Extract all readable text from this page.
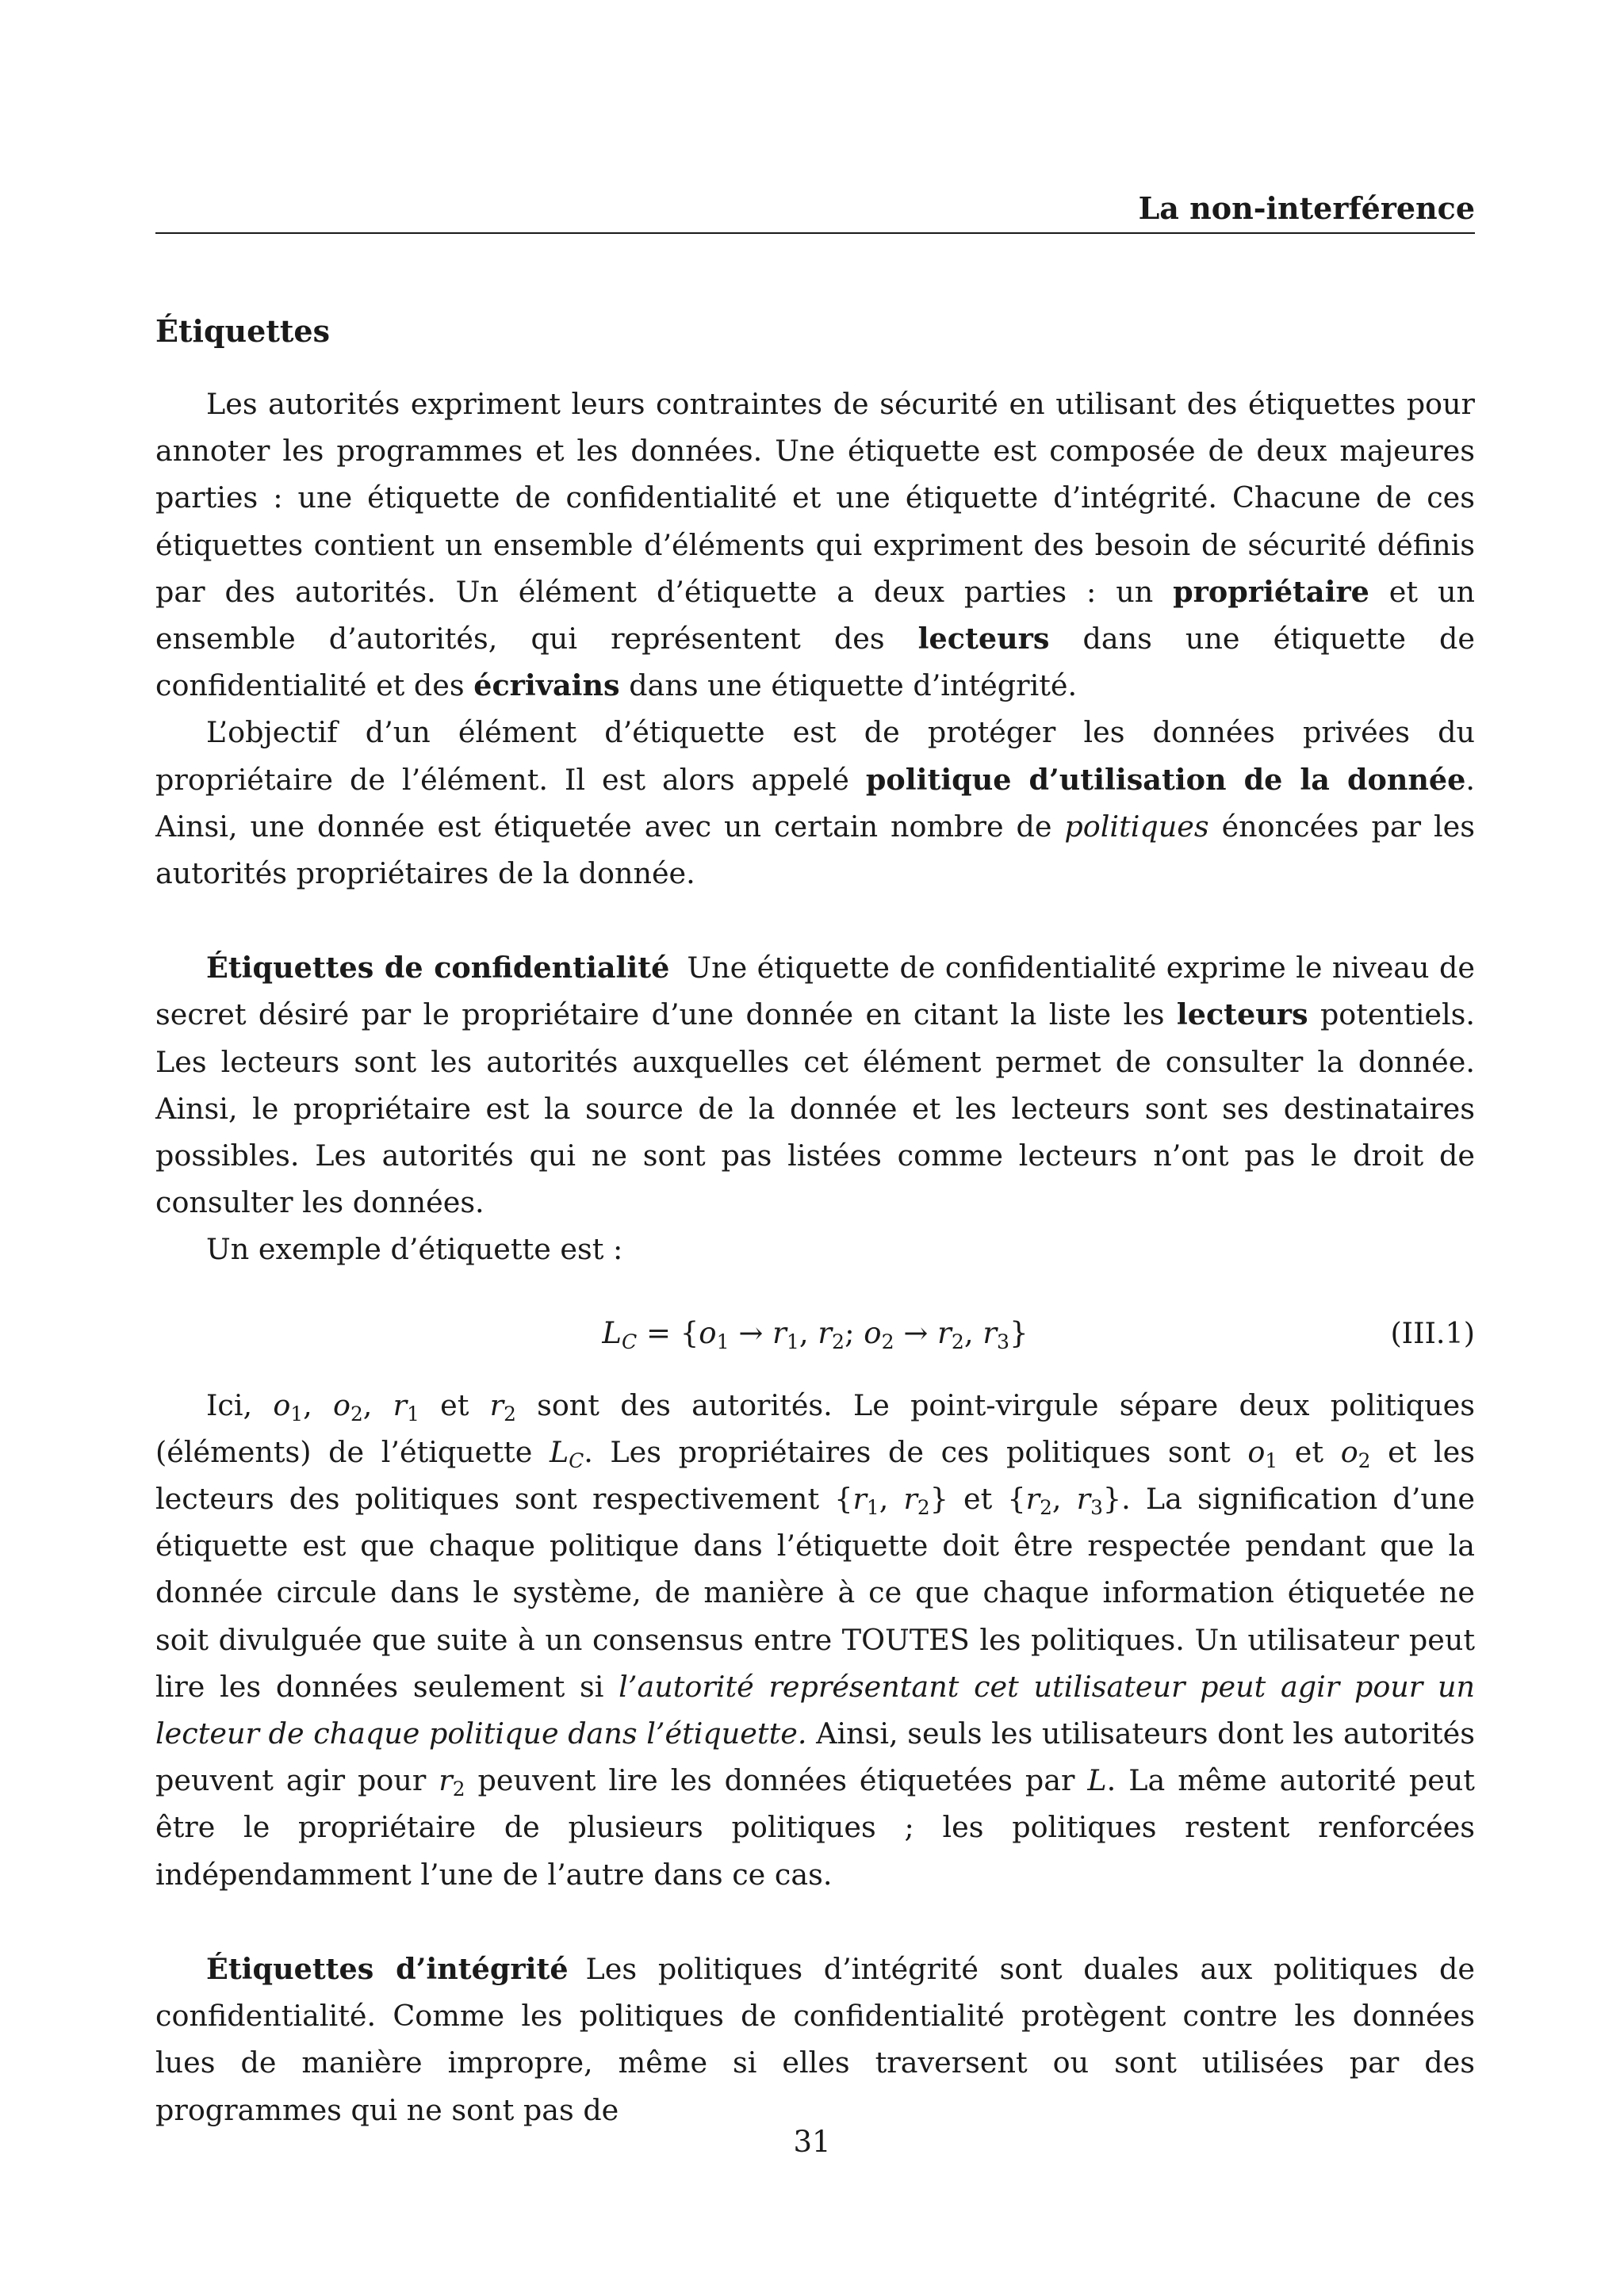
La non-interférence
Étiquettes

Les autorités expriment leurs contraintes de sécurité en utilisant des étiquettes pour annoter les programmes et les données. Une étiquette est composée de deux majeures parties : une étiquette de confidentialité et une étiquette d’intégrité. Chacune de ces étiquettes contient un ensemble d’éléments qui expriment des besoin de sécurité définis par des autorités. Un élément d’étiquette a deux parties : un propriétaire et un ensemble d’autorités, qui représentent des lecteurs dans une étiquette de confidentialité et des écrivains dans une étiquette d’intégrité.

L’objectif d’un élément d’étiquette est de protéger les données privées du propriétaire de l’élément. Il est alors appelé politique d’utilisation de la donnée. Ainsi, une donnée est étiquetée avec un certain nombre de politiques énoncées par les autorités propriétaires de la donnée.

Étiquettes de confidentialité Une étiquette de confidentialité exprime le niveau de secret désiré par le propriétaire d’une donnée en citant la liste les lecteurs potentiels. Les lecteurs sont les autorités auxquelles cet élément permet de consulter la donnée. Ainsi, le propriétaire est la source de la donnée et les lecteurs sont ses destinataires possibles. Les autorités qui ne sont pas listées comme lecteurs n’ont pas le droit de consulter les données.

Un exemple d’étiquette est :

$L_C = \{o_1 \to r_1$, $r_2$; $o_2 \to r_2$, $r_3$}	(III.1)

Ici, $o_1$, $o_2$, $r_1$ et $r_2$ sont des autorités. Le point-virgule sépare deux politiques (éléments) de l’étiquette $L_C$. Les propriétaires de ces politiques sont $o_1$ et $o_2$ et les lecteurs des politiques sont respectivement {$r_1$, $r_2$} et {$r_2$, $r_3$}. La signification d’une étiquette est que chaque politique dans l’étiquette doit être respectée pendant que la donnée circule dans le système, de manière à ce que chaque information étiquetée ne soit divulguée que suite à un consensus entre TOUTES les politiques. Un utilisateur peut lire les données seulement si l’autorité représentant cet utilisateur peut agir pour un lecteur de chaque politique dans l’étiquette. Ainsi, seuls les utilisateurs dont les autorités peuvent agir pour $r_2$ peuvent lire les données étiquetées par L. La même autorité peut être le propriétaire de plusieurs politiques ; les politiques restent renforcées indépendamment l’une de l’autre dans ce cas.

Étiquettes d’intégrité Les politiques d’intégrité sont duales aux politiques de confidentialité. Comme les politiques de confidentialité protègent contre les données lues de manière impropre, même si elles traversent ou sont utilisées par des programmes qui ne sont pas de

31
